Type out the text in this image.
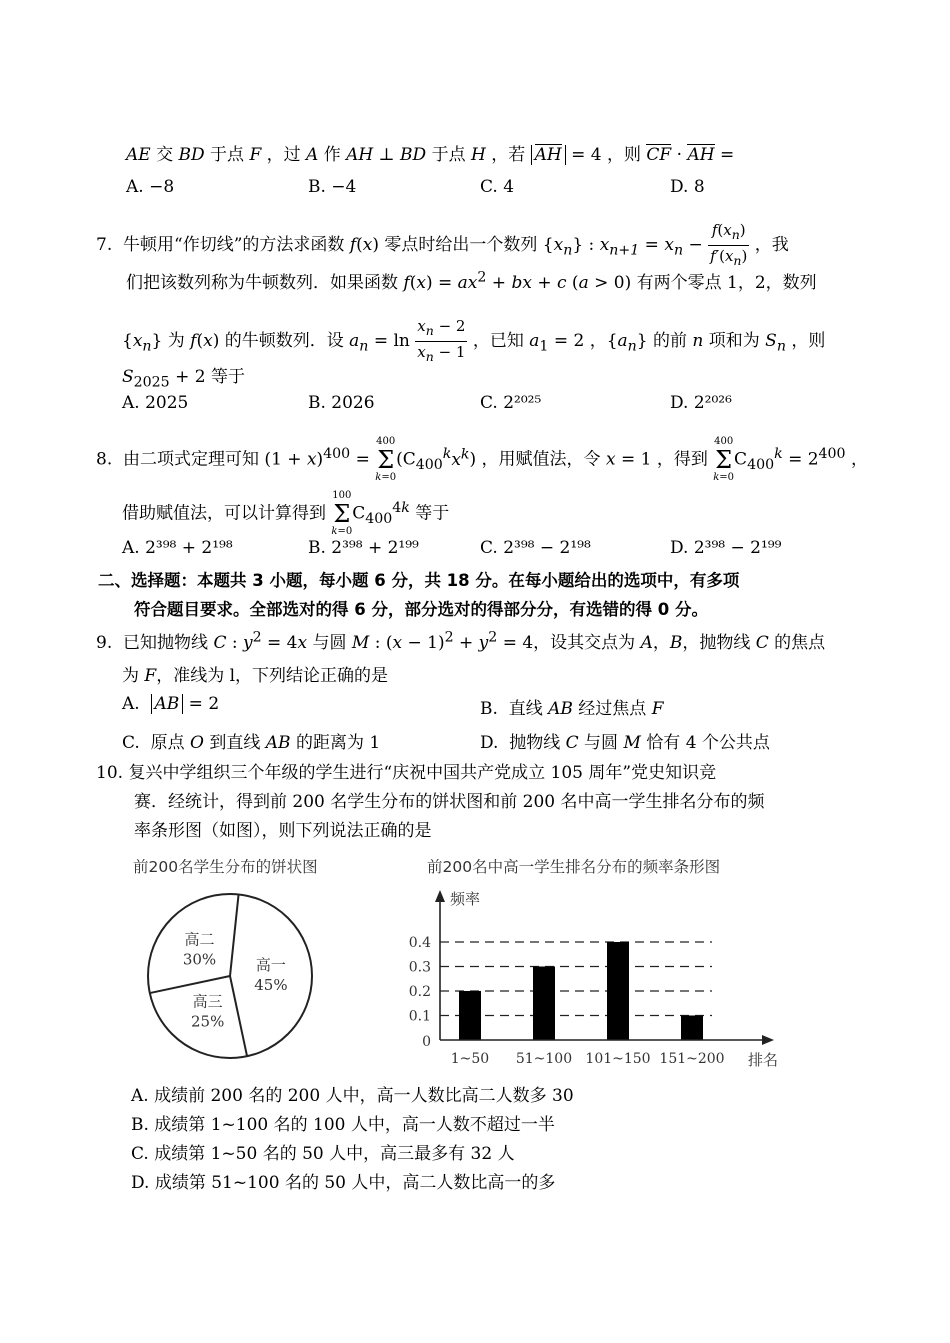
AE 交 BD 于点 F ，过 A 作 AH ⊥ BD 于点 H ，若 AH = 4 ，则 CF · AH =
A. −8	B. −4	C. 4	D. 8
7.  牛顿用“作切线”的方法求函数 f(x) 零点时给出一个数列 $\{x_n\}$ : $x_{n+1} = x_n - \frac{f(x_n)}{f'(x_n)}$ ，我
们把该数列称为牛顿数列．如果函数 $f(x) = ax^2$ + bx + c (a > 0) 有两个零点 1，2，数列
$\{x_n\}$ 为 f(x) 的牛顿数列．设 $a_n = \ln \frac{x_n - 2}{x_n - 1}$ ，已知 $a_1 = 2$ ，$\{a_n\}$ 的前 n 项和为 $S_n$ ，则
$S_{2025} + 2$ 等于
A. 2025	B. 2026	C. 2²⁰²⁵	D. 2²⁰²⁶
8.  由二项式定理可知 $(1 + x)^{400}$ =
400
Σ
k=0
$(C_{400}^kx^k)$ ，用赋值法，令 x = 1 ，得到
400
Σ
k=0
$C_{400}^k = 2^{400}$ ，
借助赋值法，可以计算得到
100
Σ
k=0
$C_{400}^{4k}$ 等于
A. 2³⁹⁸ + 2¹⁹⁸	B. 2³⁹⁸ + 2¹⁹⁹	C. 2³⁹⁸ − 2¹⁹⁸	D. 2³⁹⁸ − 2¹⁹⁹
二、选择题：本题共 3 小题，每小题 6 分，共 18 分。在每小题给出的选项中，有多项
符合题目要求。全部选对的得 6 分，部分选对的得部分分，有选错的得 0 分。
9.  已知抛物线 C : $y^2 = 4x$ 与圆 M : $(x - 1)^2 + y^2 = 4$，设其交点为 A，B，抛物线 C 的焦点
为 F，准线为 l，下列结论正确的是
A.  AB = 2	B.  直线 AB 经过焦点 F
C.  原点 O 到直线 AB 的距离为 1	D.  抛物线 C 与圆 M 恰有 4 个公共点
10. 复兴中学组织三个年级的学生进行“庆祝中国共产党成立 105 周年”党史知识竞
赛．经统计，得到前 200 名学生分布的饼状图和前 200 名中高一学生排名分布的频
率条形图（如图），则下列说法正确的是
前200名学生分布的饼状图
高一
45%
高三
25%
高二
30%
前200名中高一学生排名分布的频率条形图
0
0.1
0.2
0.3
0.4
1~50 51~100 101~150 151~200
频率
排名
A. 成绩前 200 名的 200 人中，高一人数比高二人数多 30
B. 成绩第 1~100 名的 100 人中，高一人数不超过一半
C. 成绩第 1~50 名的 50 人中，高三最多有 32 人
D. 成绩第 51~100 名的 50 人中，高二人数比高一的多
